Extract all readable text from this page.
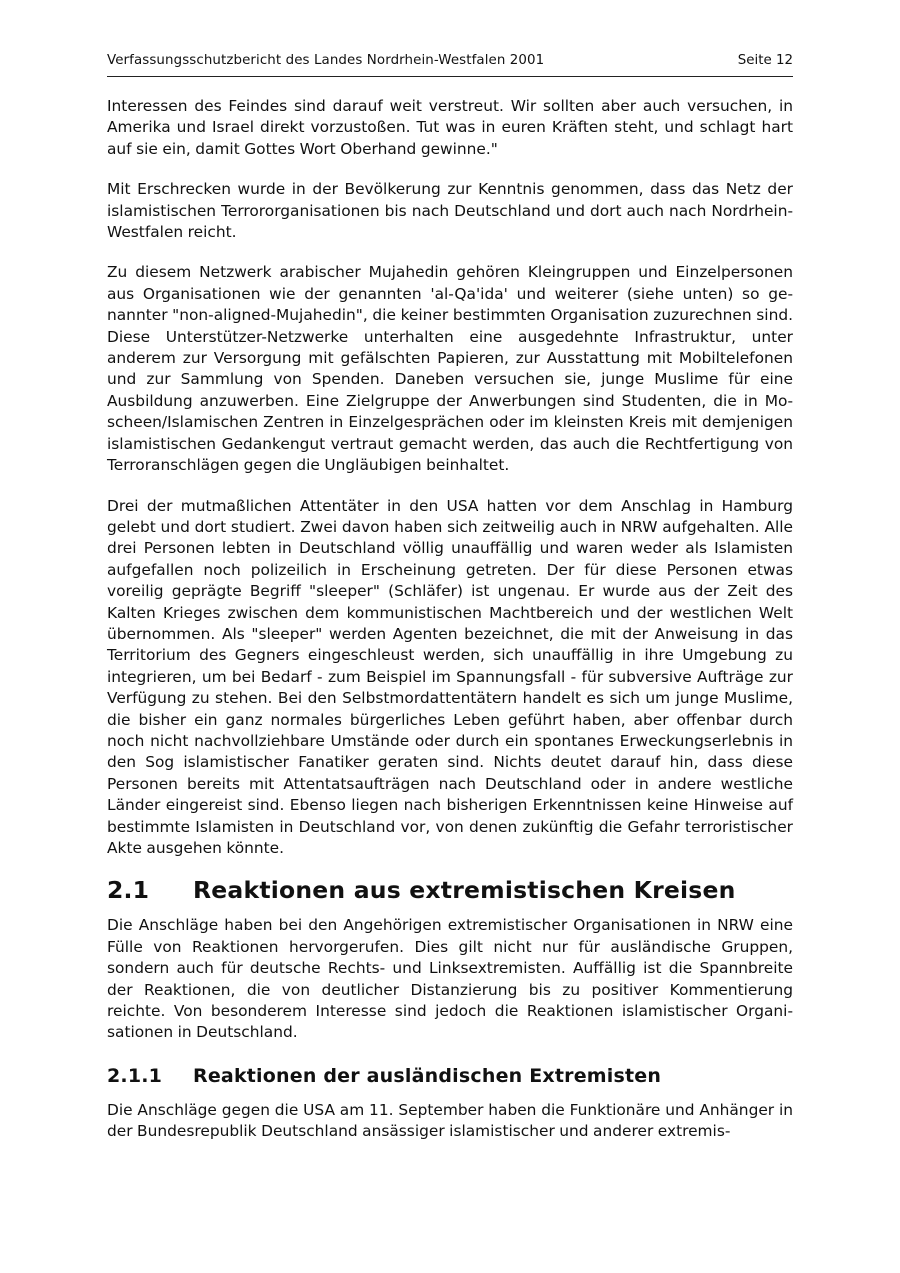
Verfassungsschutzbericht des Landes Nordrhein-Westfalen 2001	Seite 12

Interessen des Feindes sind darauf weit verstreut. Wir sollten aber auch versuchen, in Amerika und Israel direkt vorzustoßen. Tut was in euren Kräften steht, und schlagt hart auf sie ein, damit Gottes Wort Oberhand gewinne."

Mit Erschrecken wurde in der Bevölkerung zur Kenntnis genommen, dass das Netz der islamistischen Terrororganisationen bis nach Deutschland und dort auch nach Nordrhein-Westfalen reicht.

Zu diesem Netzwerk arabischer Mujahedin gehören Kleingruppen und Einzelpersonen aus Organisationen wie der genannten 'al-Qa'ida' und weiterer (siehe unten) so genannter "non-aligned-Mujahedin", die keiner bestimmten Organisation zuzurechnen sind. Diese Unterstützer-Netzwerke unterhalten eine ausgedehnte Infrastruktur, unter anderem zur Versorgung mit gefälschten Papieren, zur Ausstattung mit Mobiltelefonen und zur Sammlung von Spenden. Daneben versuchen sie, junge Muslime für eine Ausbildung anzuwerben. Eine Zielgruppe der Anwerbungen sind Studenten, die in Moscheen/Islamischen Zentren in Einzelgesprächen oder im kleinsten Kreis mit demjenigen islamistischen Gedankengut vertraut gemacht werden, das auch die Rechtfertigung von Terroranschlägen gegen die Ungläubigen beinhaltet.

Drei der mutmaßlichen Attentäter in den USA hatten vor dem Anschlag in Hamburg gelebt und dort studiert. Zwei davon haben sich zeitweilig auch in NRW aufgehalten. Alle drei Personen lebten in Deutschland völlig unauffällig und waren weder als Islamisten aufgefallen noch polizeilich in Erscheinung getreten. Der für diese Personen etwas voreilig geprägte Begriff "sleeper" (Schläfer) ist ungenau. Er wurde aus der Zeit des Kalten Krieges zwischen dem kommunistischen Machtbereich und der westlichen Welt übernommen. Als "sleeper" werden Agenten bezeichnet, die mit der Anweisung in das Territorium des Gegners eingeschleust werden, sich unauffällig in ihre Umgebung zu integrieren, um bei Bedarf - zum Beispiel im Spannungsfall - für subversive Aufträge zur Verfügung zu stehen. Bei den Selbstmordattentätern handelt es sich um junge Muslime, die bisher ein ganz normales bürgerliches Leben geführt haben, aber offenbar durch noch nicht nachvollziehbare Umstände oder durch ein spontanes Erweckungserlebnis in den Sog islamistischer Fanatiker geraten sind. Nichts deutet darauf hin, dass diese Personen bereits mit Attentatsaufträgen nach Deutschland oder in andere westliche Länder eingereist sind. Ebenso liegen nach bisherigen Erkenntnissen keine Hinweise auf bestimmte Islamisten in Deutschland vor, von denen zukünftig die Gefahr terroristischer Akte ausgehen könnte.

2.1 Reaktionen aus extremistischen Kreisen

Die Anschläge haben bei den Angehörigen extremistischer Organisationen in NRW eine Fülle von Reaktionen hervorgerufen. Dies gilt nicht nur für ausländische Gruppen, sondern auch für deutsche Rechts- und Linksextremisten. Auffällig ist die Spannbreite der Reaktionen, die von deutlicher Distanzierung bis zu positiver Kommentierung reichte. Von besonderem Interesse sind jedoch die Reaktionen islamistischer Organisationen in Deutschland.

2.1.1 Reaktionen der ausländischen Extremisten

Die Anschläge gegen die USA am 11. September haben die Funktionäre und Anhänger in der Bundesrepublik Deutschland ansässiger islamistischer und anderer extremis-
